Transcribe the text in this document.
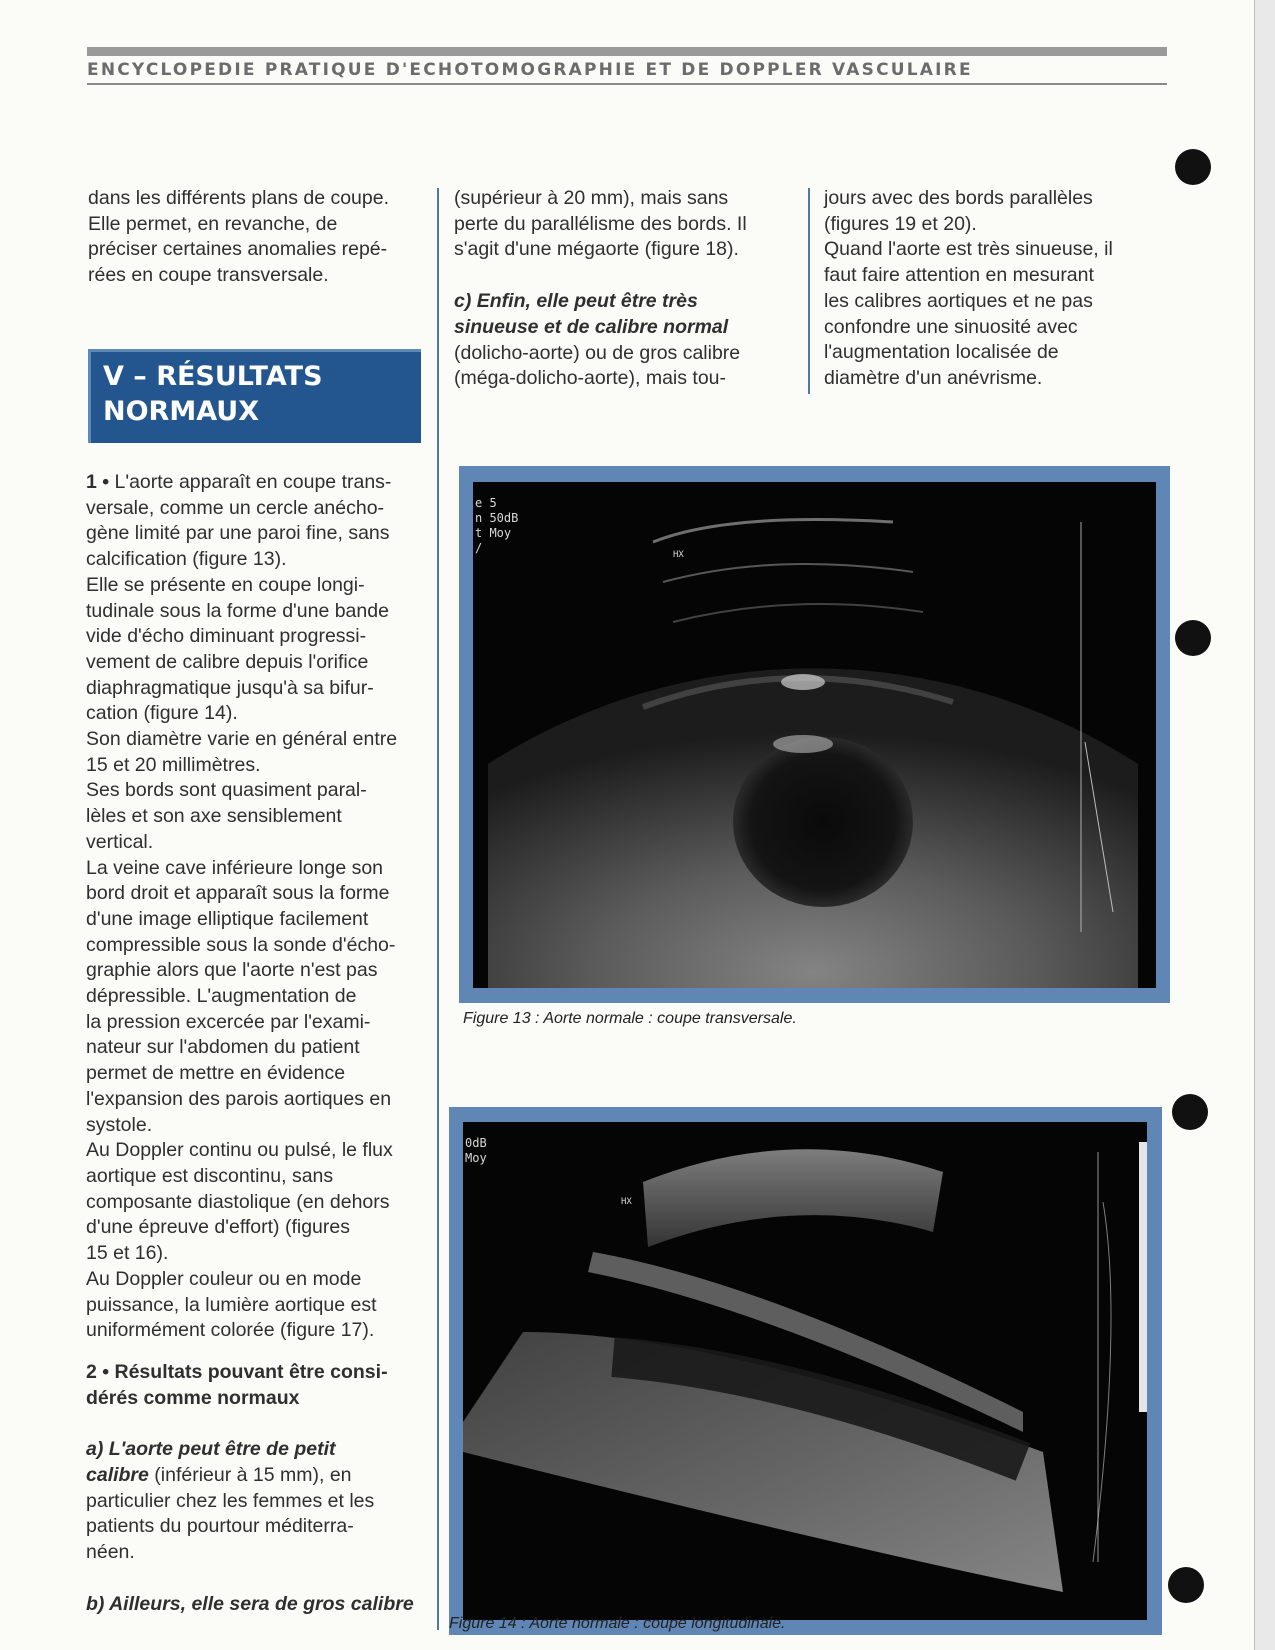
ENCYCLOPEDIE PRATIQUE D'ECHOTOMOGRAPHIE ET DE DOPPLER VASCULAIRE

dans les différents plans de coupe.

Elle permet, en revanche, de

préciser certaines anomalies repé-

rées en coupe transversale.

V – RÉSULTATS
NORMAUX

1 • L'aorte apparaît en coupe trans-

versale, comme un cercle anécho-

gène limité par une paroi fine, sans

calcification (figure 13).

Elle se présente en coupe longi-

tudinale sous la forme d'une bande

vide d'écho diminuant progressi-

vement de calibre depuis l'orifice

diaphragmatique jusqu'à sa bifur-

cation (figure 14).

Son diamètre varie en général entre

15 et 20 millimètres.

Ses bords sont quasiment paral-

lèles et son axe sensiblement

vertical.

La veine cave inférieure longe son

bord droit et apparaît sous la forme

d'une image elliptique facilement

compressible sous la sonde d'écho-

graphie alors que l'aorte n'est pas

dépressible. L'augmentation de

la pression excercée par l'exami-

nateur sur l'abdomen du patient

permet de mettre en évidence

l'expansion des parois aortiques en

systole.

Au Doppler continu ou pulsé, le flux

aortique est discontinu, sans

composante diastolique (en dehors

d'une épreuve d'effort) (figures

15 et 16).

Au Doppler couleur ou en mode

puissance, la lumière aortique est

uniformément colorée (figure 17).

2 • Résultats pouvant être consi-

dérés comme normaux

a) L'aorte peut être de petit

calibre (inférieur à 15 mm), en

particulier chez les femmes et les

patients du pourtour méditerra-

néen.

b) Ailleurs, elle sera de gros calibre

(supérieur à 20 mm), mais sans

perte du parallélisme des bords. Il

s'agit d'une mégaorte (figure 18).

c) Enfin, elle peut être très

sinueuse et de calibre normal

(dolicho-aorte) ou de gros calibre

(méga-dolicho-aorte), mais tou-

jours avec des bords parallèles

(figures 19 et 20).

Quand l'aorte est très sinueuse, il

faut faire attention en mesurant

les calibres aortiques et ne pas

confondre une sinuosité avec

l'augmentation localisée de

diamètre d'un anévrisme.

e 5
n 50dB
t Moy
/	HX
Figure 13 : Aorte normale : coupe transversale.
0dB
Moy
HX
Figure 14 : Aorte normale : coupe longitudinale.
